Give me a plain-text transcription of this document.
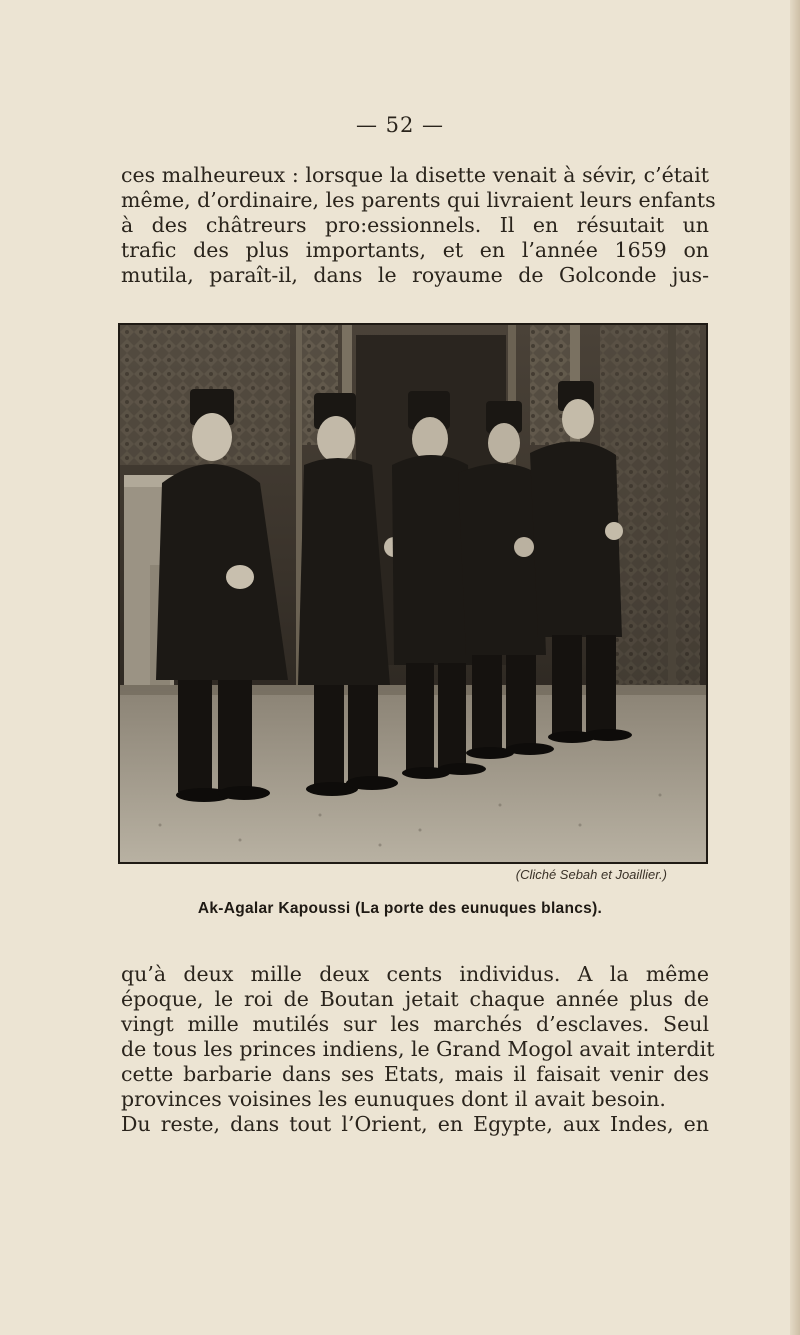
— 52 —
ces malheureux : lorsque la disette venait à sévir, c’était
même, d’ordinaire, les parents qui livraient leurs enfants
à des châtreurs pro:essionnels. Il en résuıtait un
trafic des plus importants, et en l’année 1659 on
mutila, paraît-il, dans le royaume de Golconde jus-
(Cliché Sebah et Joaillier.)
Ak-Agalar Kapoussi (La porte des eunuques blancs).
qu’à deux mille deux cents individus. A la même
époque, le roi de Boutan jetait chaque année plus de
vingt mille mutilés sur les marchés d’esclaves. Seul
de tous les princes indiens, le Grand Mogol avait interdit
cette barbarie dans ses Etats, mais il faisait venir des
provinces voisines les eunuques dont il avait besoin.
Du reste, dans tout l’Orient, en Egypte, aux Indes, en
